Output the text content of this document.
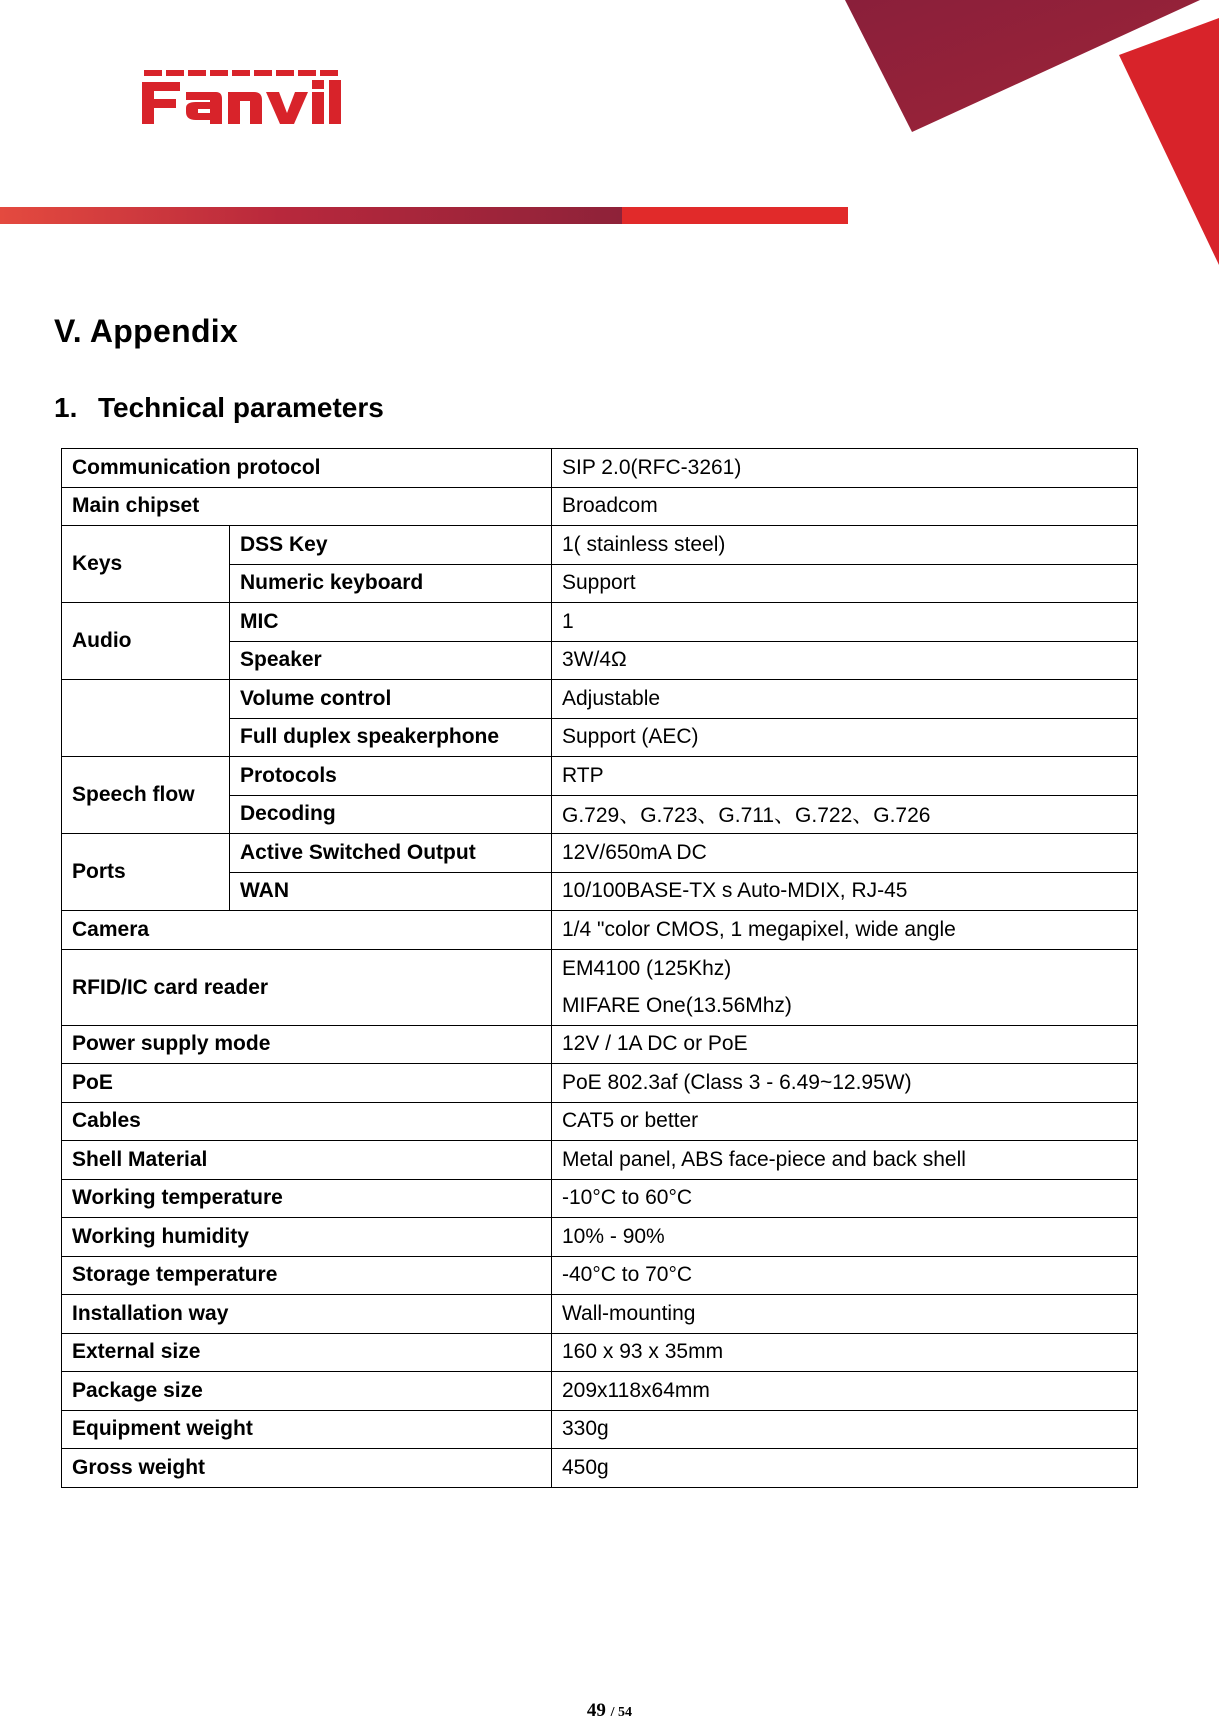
V. Appendix
1. Technical parameters
Communication protocol		SIP 2.0(RFC-3261)
Main chipset		Broadcom
Keys	DSS Key	1( stainless steel)
	Numeric keyboard	Support
Audio	MIC	1
	Speaker	3W/4Ω
	Volume control	Adjustable
	Full duplex speakerphone	Support (AEC)
Speech flow	Protocols	RTP
	Decoding	G.729、G.723、G.711、G.722、G.726
Ports	Active Switched Output	12V/650mA DC
	WAN	10/100BASE-TX s Auto-MDIX, RJ-45
Camera		1/4 "color CMOS, 1 megapixel, wide angle
RFID/IC card reader		EM4100 (125Khz)
MIFARE One(13.56Mhz)

Power supply mode		12V / 1A DC or PoE
PoE		PoE 802.3af (Class 3 - 6.49~12.95W)
Cables		CAT5 or better
Shell Material		Metal panel, ABS face-piece and back shell
Working temperature		-10°C to 60°C
Working humidity		10% - 90%
Storage temperature		-40°C to 70°C
Installation way		Wall-mounting
External size		160 x 93 x 35mm
Package size		209x118x64mm
Equipment weight		330g
Gross weight		450g
49 / 54
